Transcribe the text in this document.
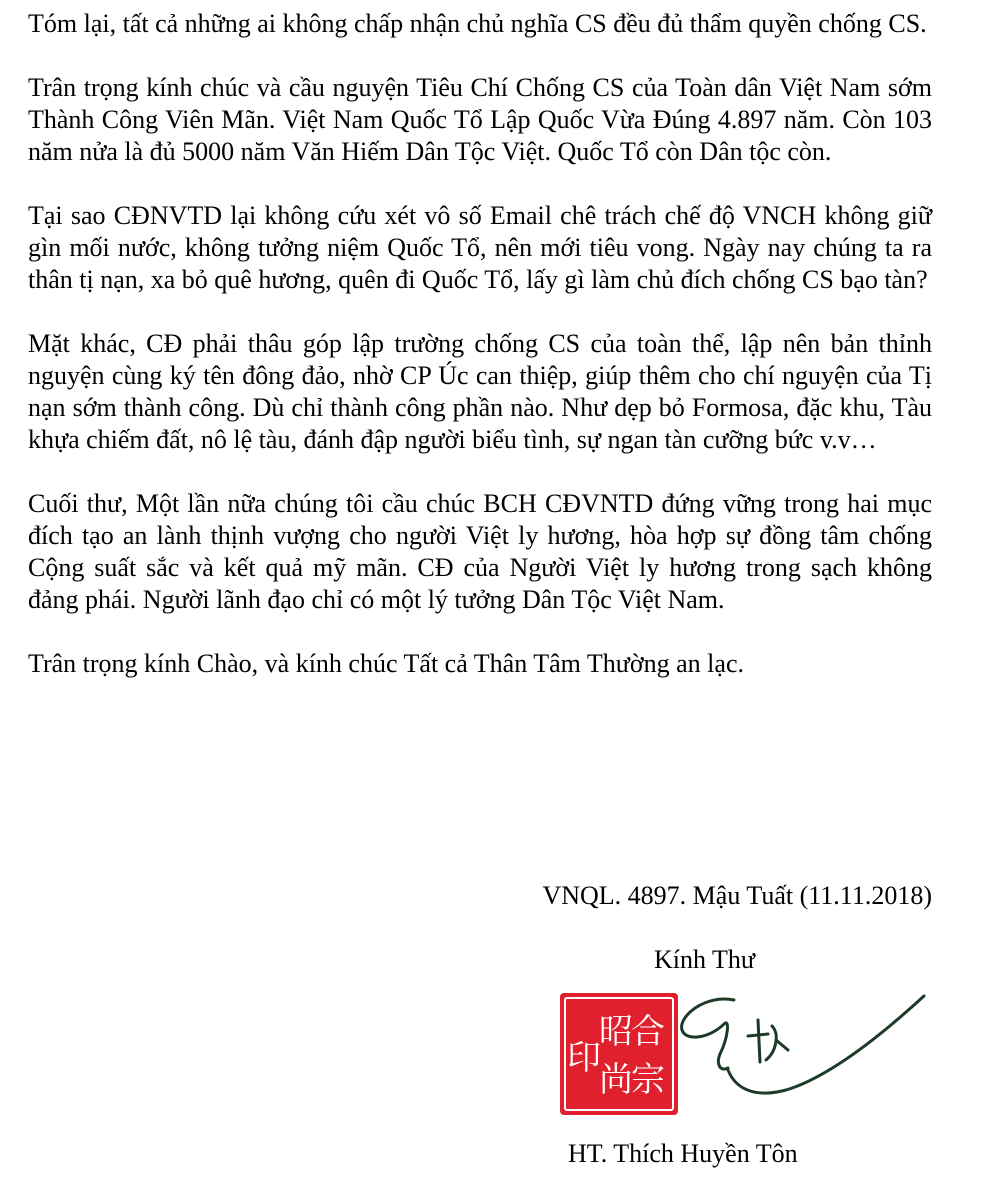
Tóm lại, tất cả những ai không chấp nhận chủ nghĩa CS đều đủ thẩm quyền chống CS.

Trân trọng kính chúc và cầu nguyện Tiêu Chí Chống CS của Toàn dân Việt Nam sớm Thành Công Viên Mãn. Việt Nam Quốc Tổ Lập Quốc Vừa Đúng 4.897 năm. Còn 103 năm nửa là đủ 5000 năm Văn Hiếm Dân Tộc Việt. Quốc Tổ còn Dân tộc còn.

Tại sao CĐNVTD lại không cứu xét vô số Email chê trách chế độ VNCH không giữ gìn mối nước, không tưởng niệm Quốc Tổ, nên mới tiêu vong. Ngày nay chúng ta ra thân tị nạn, xa bỏ quê hương, quên đi Quốc Tổ, lấy gì làm chủ đích chống CS bạo tàn?

Mặt khác, CĐ phải thâu góp lập trường chống CS của toàn thể, lập nên bản thỉnh nguyện cùng ký tên đông đảo, nhờ CP Úc can thiệp, giúp thêm cho chí nguyện của Tị nạn sớm thành công. Dù chỉ thành công phần nào. Như dẹp bỏ Formosa, đặc khu, Tàu khựa chiếm đất, nô lệ tàu, đánh đập người biểu tình, sự ngan tàn cưỡng bức v.v…

Cuối thư, Một lần nữa chúng tôi cầu chúc BCH CĐVNTD đứng vững trong hai mục đích tạo an lành thịnh vượng cho người Việt ly hương, hòa hợp sự đồng tâm chống Cộng suất sắc và kết quả mỹ mãn. CĐ của Người Việt ly hương trong sạch không đảng phái. Người lãnh đạo chỉ có một lý tưởng Dân Tộc Việt Nam.

Trân trọng kính Chào, và kính chúc Tất cả Thân Tâm Thường an lạc.

VNQL. 4897. Mậu Tuất (11.11.2018)
Kính Thư
合
宗
昭
尚
印
HT. Thích Huyền Tôn
